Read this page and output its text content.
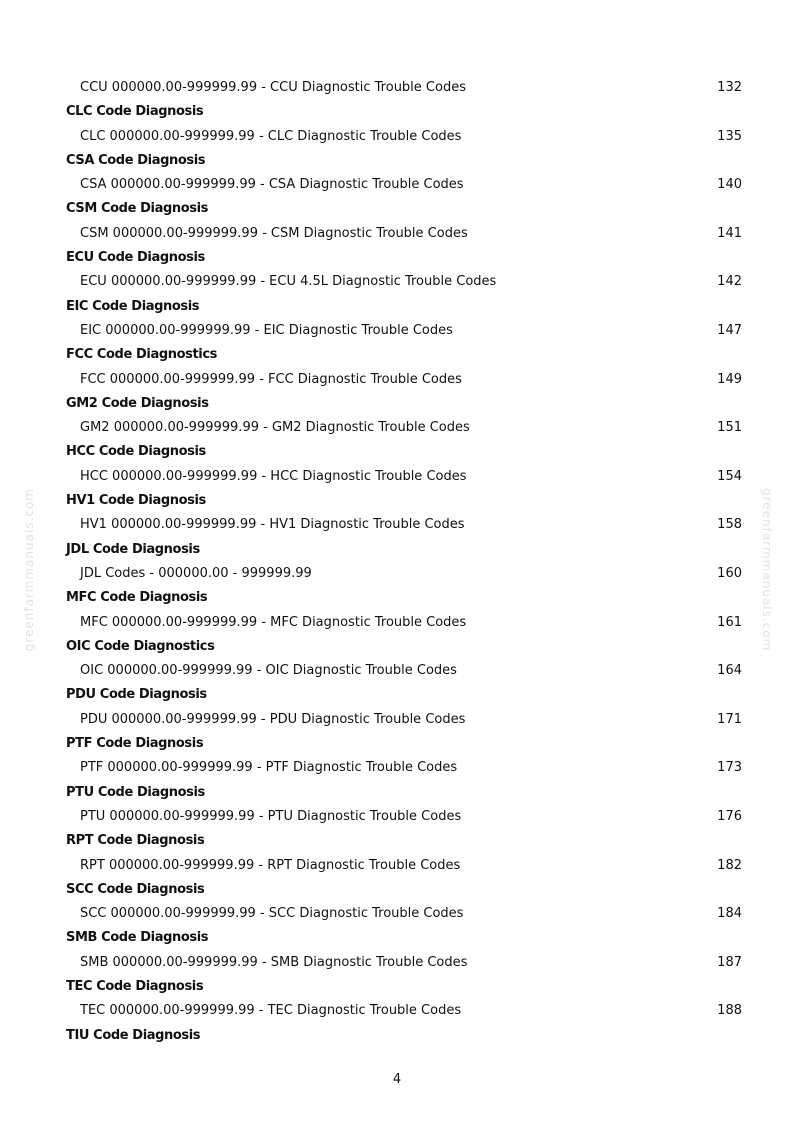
greenfarmmanuals.com	greenfarmmanuals.com
CCU 000000.00-999999.99 - CCU Diagnostic Trouble Codes	132
CLC Code Diagnosis
CLC 000000.00-999999.99 - CLC Diagnostic Trouble Codes	135
CSA Code Diagnosis
CSA 000000.00-999999.99 - CSA Diagnostic Trouble Codes	140
CSM Code Diagnosis
CSM 000000.00-999999.99 - CSM Diagnostic Trouble Codes	141
ECU Code Diagnosis
ECU 000000.00-999999.99 - ECU 4.5L Diagnostic Trouble Codes	142
EIC Code Diagnosis
EIC 000000.00-999999.99 - EIC Diagnostic Trouble Codes	147
FCC Code Diagnostics
FCC 000000.00-999999.99 - FCC Diagnostic Trouble Codes	149
GM2 Code Diagnosis
GM2 000000.00-999999.99 - GM2 Diagnostic Trouble Codes	151
HCC Code Diagnosis
HCC 000000.00-999999.99 - HCC Diagnostic Trouble Codes	154
HV1 Code Diagnosis
HV1 000000.00-999999.99 - HV1 Diagnostic Trouble Codes	158
JDL Code Diagnosis
JDL Codes - 000000.00 - 999999.99	160
MFC Code Diagnosis
MFC 000000.00-999999.99 - MFC Diagnostic Trouble Codes	161
OIC Code Diagnostics
OIC 000000.00-999999.99 - OIC Diagnostic Trouble Codes	164
PDU Code Diagnosis
PDU 000000.00-999999.99 - PDU Diagnostic Trouble Codes	171
PTF Code Diagnosis
PTF 000000.00-999999.99 - PTF Diagnostic Trouble Codes	173
PTU Code Diagnosis
PTU 000000.00-999999.99 - PTU Diagnostic Trouble Codes	176
RPT Code Diagnosis
RPT 000000.00-999999.99 - RPT Diagnostic Trouble Codes	182
SCC Code Diagnosis
SCC 000000.00-999999.99 - SCC Diagnostic Trouble Codes	184
SMB Code Diagnosis
SMB 000000.00-999999.99 - SMB Diagnostic Trouble Codes	187
TEC Code Diagnosis
TEC 000000.00-999999.99 - TEC Diagnostic Trouble Codes	188
TIU Code Diagnosis
4
